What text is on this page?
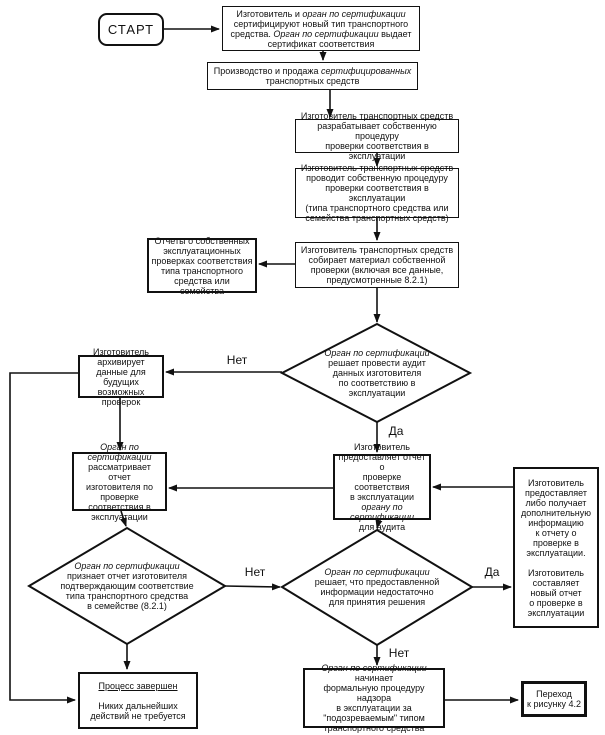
СТАРТ
Изготовитель и орган по сертификации
сертифицируют новый тип транспортного
средства. Орган по сертификации выдает
сертификат соответствия
Производство и продажа сертифицированных
транспортных средств
Изготовитель транспортных средств
разрабатывает собственную процедуру
проверки соответствия в эксплуатации
Изготовитель транспортных средств
проводит собственную процедуру
проверки соответствия в эксплуатации
(типа транспортного средства или
семейства транспортных средств)
Изготовитель транспортных средств
собирает материал собственной
проверки (включая все данные,
предусмотренные 8.2.1)
Отчеты о собственных
эксплуатационных
проверках соответствия
типа транспортного
средства или семейства
Орган по сертификации
решает провести аудит
данных изготовителя
по соответствию в
эксплуатации
Изготовитель архивирует
данные для будущих
возможных проверок
Орган по сертификации
рассматривает отчет
изготовителя по проверке
соответствия в
эксплуатации
Изготовитель
предоставляет отчет о
проверке соответствия
в эксплуатации
органу по сертификации
для аудита
Изготовитель
предоставляет
либо получает
дополнительную
информацию
к отчету о
проверке в
эксплуатации.

Изготовитель
составляет
новый отчет
о проверке в
эксплуатации
Орган по сертификации
признает отчет изготовителя
подтверждающим соответствие
типа транспортного средства
в семействе (8.2.1)
Орган по сертификации
решает, что предоставленной
информации недостаточно
для принятия решения
Процесс завершен

Никих дальнейших
действий не требуется
Орган по сертификации начинает
формальную процедуру надзора
в эксплуатации за
"подозреваемым" типом
транспортного средства
Переход
к рисунку 4.2
Нет
Да
Нет	Да
Нет
